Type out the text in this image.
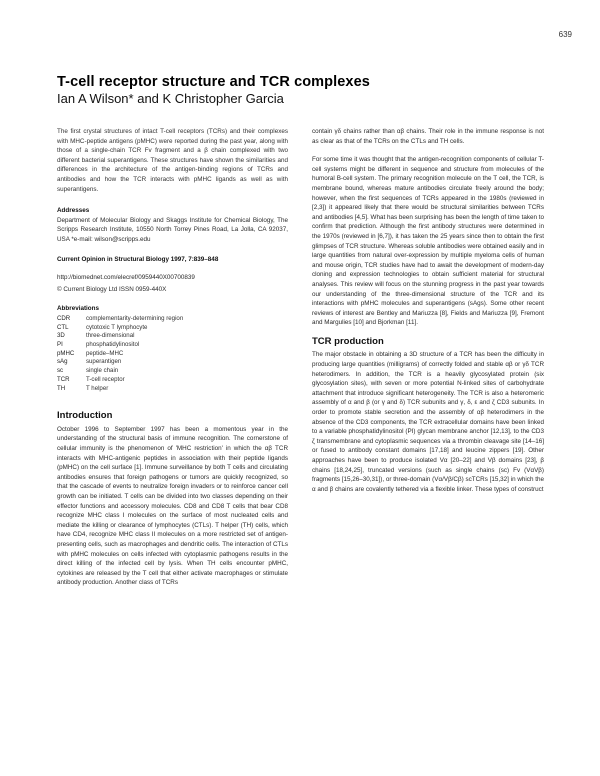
639
T-cell receptor structure and TCR complexes
Ian A Wilson* and K Christopher Garcia

The first crystal structures of intact T-cell receptors (TCRs) and their complexes with MHC-peptide antigens (pMHC) were reported during the past year, along with those of a single-chain TCR Fv fragment and a β chain complexed with two different bacterial superantigens. These structures have shown the similarities and differences in the architecture of the antigen-binding regions of TCRs and antibodies and how the TCR interacts with pMHC ligands as well as with superantigens.

Addresses

Department of Molecular Biology and Skaggs Institute for Chemical Biology, The Scripps Research Institute, 10550 North Torrey Pines Road, La Jolla, CA 92037, USA *e-mail: wilson@scripps.edu

Current Opinion in Structural Biology 1997, 7:839–848
http://biomednet.com/elecref/0959440X00700839
© Current Biology Ltd ISSN 0959-440X
Abbreviations
CDR	complementarity-determining region
CTL	cytotoxic T lymphocyte
3D	three-dimensional
PI	phosphatidylinositol
pMHC	peptide–MHC
sAg	superantigen
sc	single chain
TCR	T-cell receptor
TH	T helper
Introduction

October 1996 to September 1997 has been a momentous year in the understanding of the structural basis of immune recognition. The cornerstone of cellular immunity is the phenomenon of 'MHC restriction' in which the αβ TCR interacts with MHC-antigenic peptides in association with their peptide ligands (pMHC) on the cell surface [1]. Immune surveillance by both T cells and circulating antibodies ensures that foreign pathogens or tumors are quickly recognized, so that the cascade of events to neutralize foreign invaders or to reinforce cancer cell growth can be initiated. T cells can be divided into two classes depending on their effector functions and accessory molecules. CD8 and CD8 T cells that bear CD8 recognize MHC class I molecules on the surface of most nucleated cells and mediate the killing or clearance of lymphocytes (CTLs). T helper (TH) cells, which have CD4, recognize MHC class II molecules on a more restricted set of antigen-presenting cells, such as macrophages and dendritic cells. The interaction of CTLs with pMHC molecules on cells infected with cytoplasmic pathogens results in the direct killing of the infected cell by lysis. When TH cells encounter pMHC, cytokines are released by the T cell that either activate macrophages or stimulate antibody production. Another class of TCRs

contain γδ chains rather than αβ chains. Their role in the immune response is not as clear as that of the TCRs on the CTLs and TH cells.

For some time it was thought that the antigen-recognition components of cellular T-cell systems might be different in sequence and structure from molecules of the humoral B-cell system. The primary recognition molecule on the T cell, the TCR, is membrane bound, whereas mature antibodies circulate freely around the body; however, when the first sequences of TCRs appeared in the 1980s (reviewed in [2,3]) it appeared likely that there would be structural similarities between TCRs and antibodies [4,5]. What has been surprising has been the length of time taken to confirm that prediction. Although the first antibody structures were determined in the 1970s (reviewed in [6,7]), it has taken the 25 years since then to obtain the first glimpses of TCR structure. Whereas soluble antibodies were obtained easily and in large quantities from natural over-expression by multiple myeloma cells of human and mouse origin, TCR studies have had to await the development of modern-day cloning and expression technologies to obtain sufficient material for structural analyses. This review will focus on the stunning progress in the past year towards our understanding of the three-dimensional structure of the TCR and its interactions with pMHC molecules and superantigens (sAgs). Some other recent reviews of interest are Bentley and Mariuzza [8], Fields and Mariuzza [9], Fremont and Margulies [10] and Bjorkman [11].

TCR production

The major obstacle in obtaining a 3D structure of a TCR has been the difficulty in producing large quantities (milligrams) of correctly folded and stable αβ or γδ TCR heterodimers. In addition, the TCR is a heavily glycosylated protein (six glycosylation sites), with seven or more potential N-linked sites of carbohydrate attachment that introduce significant heterogeneity. The TCR is also a heteromeric assembly of α and β (or γ and δ) TCR subunits and γ, δ, ε and ζ CD3 subunits. In order to promote stable secretion and the assembly of αβ heterodimers in the absence of the CD3 components, the TCR extracellular domains have been linked to a variable phosphatidylinositol (PI) glycan membrane anchor [12,13], to the CD3 ζ transmembrane and cytoplasmic sequences via a thrombin cleavage site [14–16] or fused to antibody constant domains [17,18] and leucine zippers [19]. Other approaches have been to produce isolated Vα [20–22] and Vβ domains [23], β chains [18,24,25], truncated versions (such as single chains (sc) Fv (VαVβ) fragments [15,26–30,31]), or three-domain (Vα/Vβ/Cβ) scTCRs [15,32] in which the α and β chains are covalently tethered via a flexible linker. These types of construct
